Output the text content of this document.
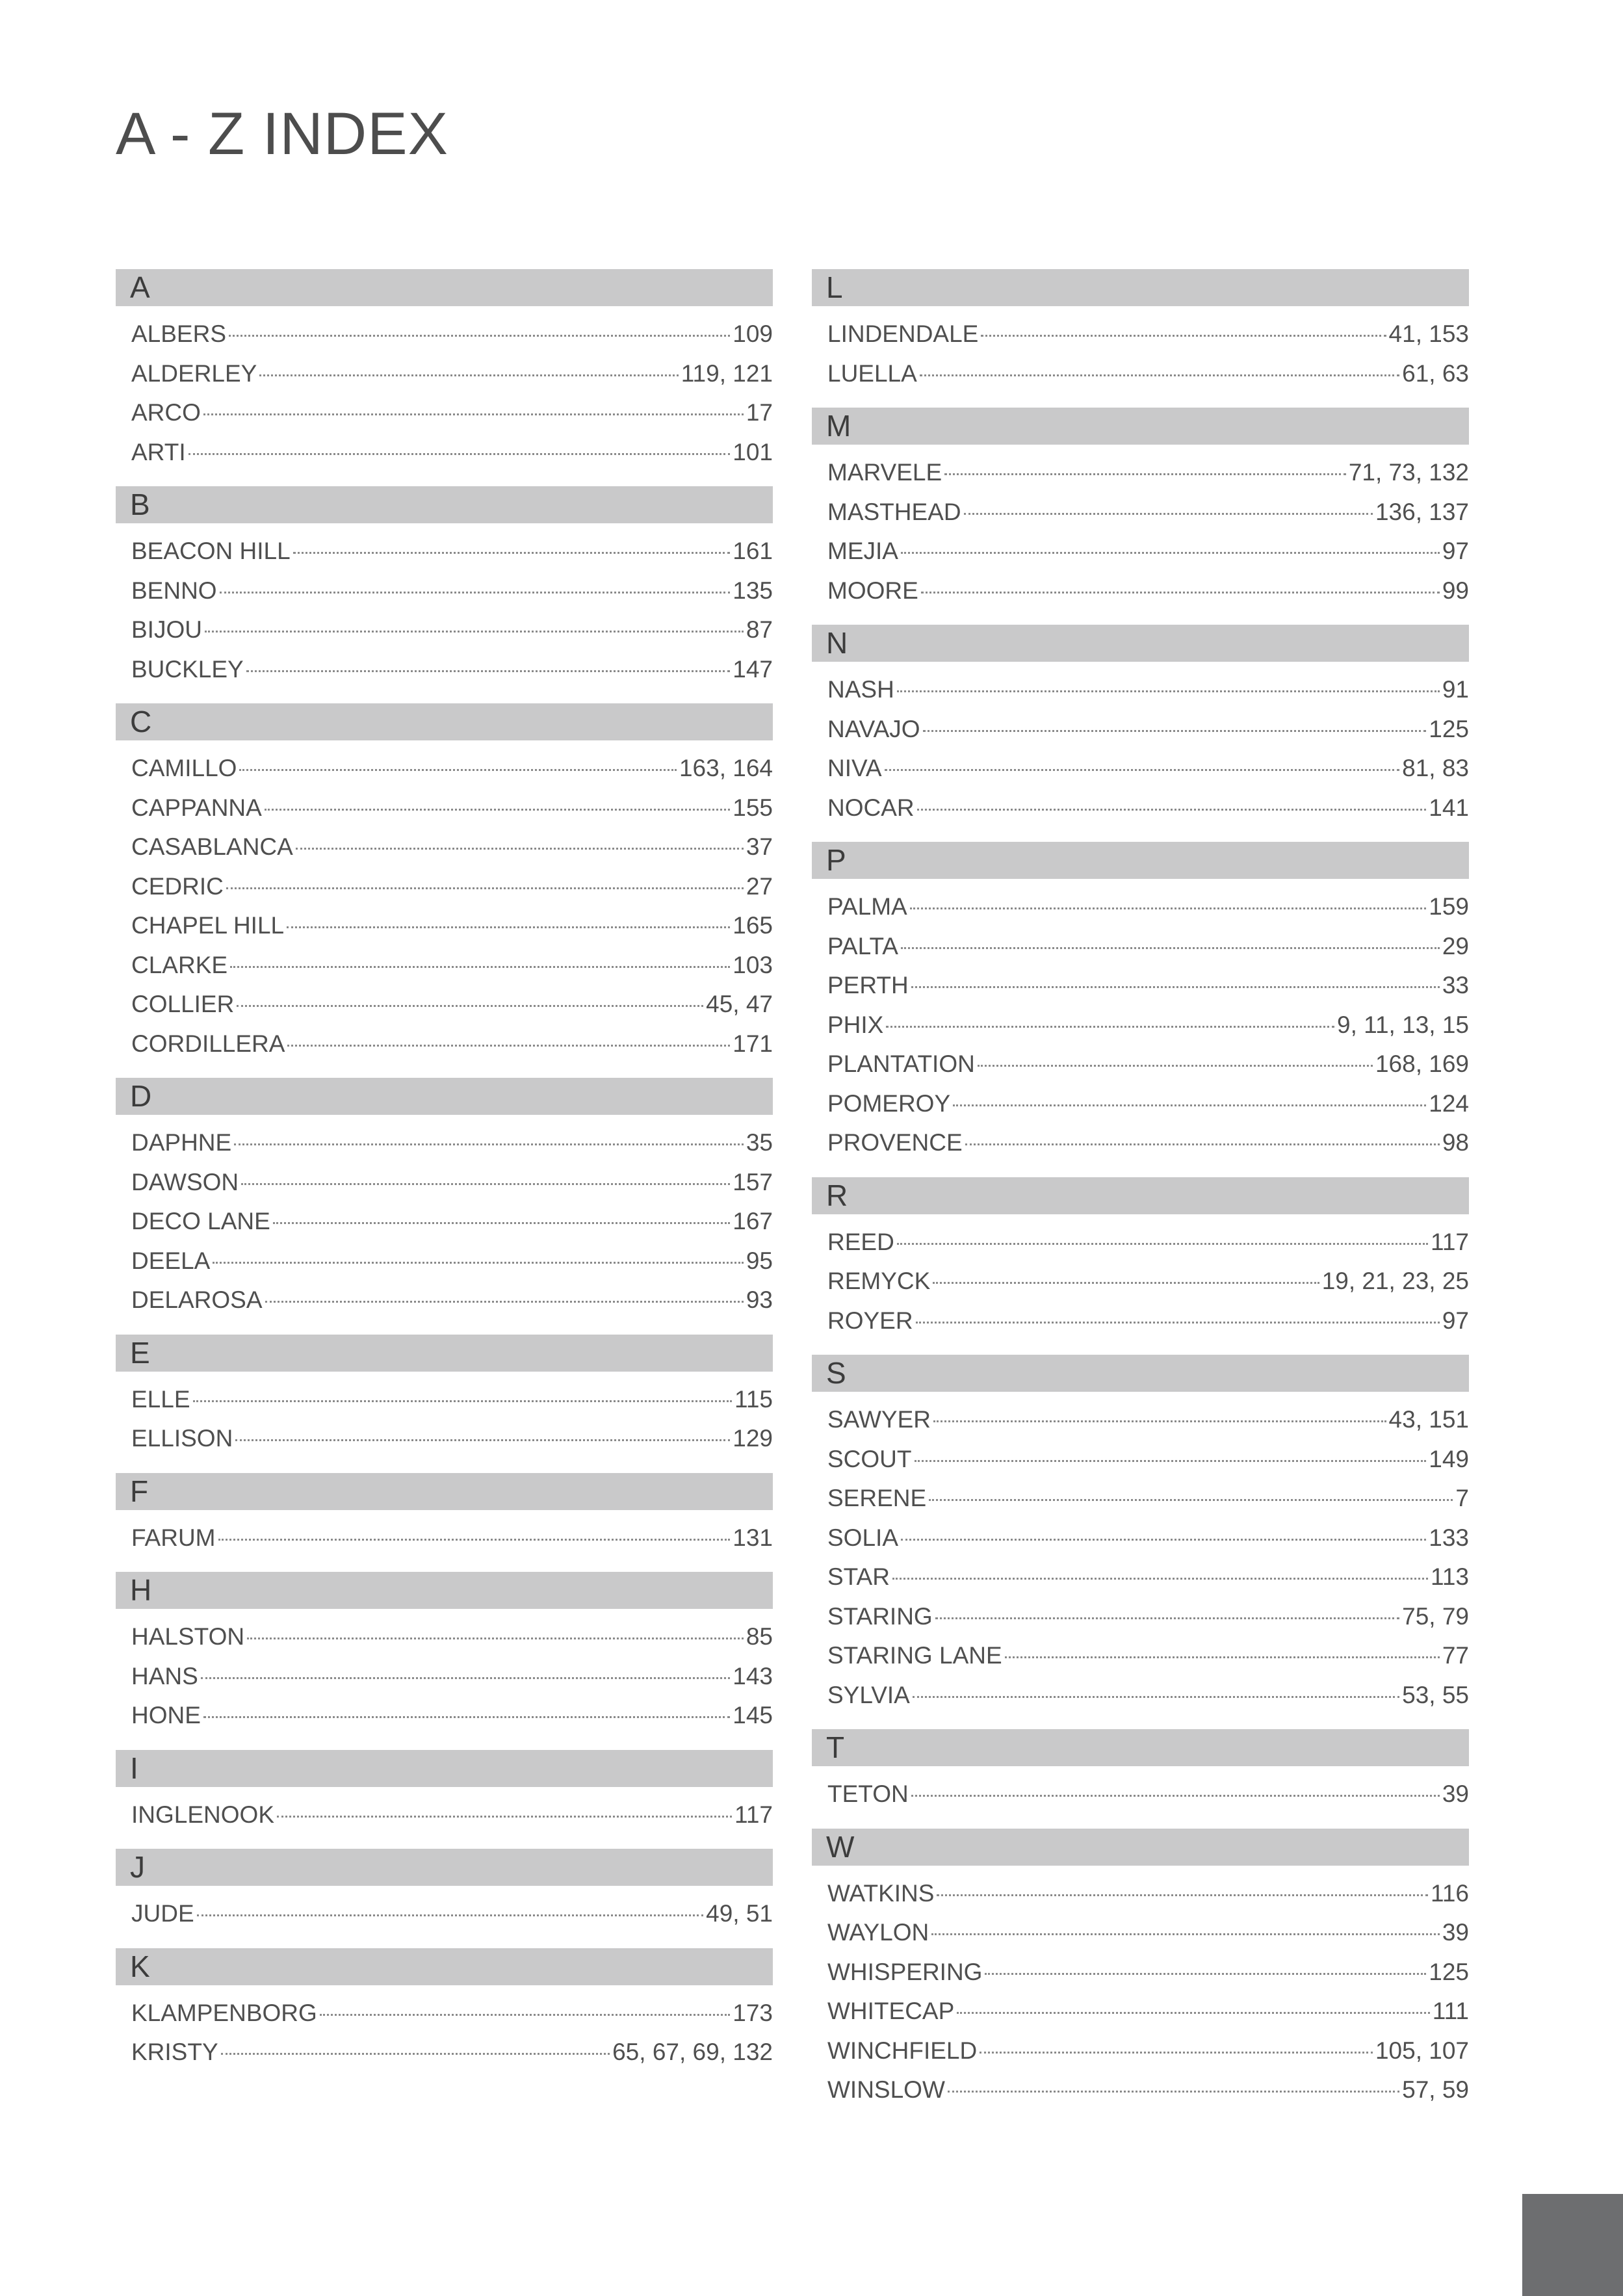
A - Z INDEX
A
ALBERS	109
ALDERLEY	119, 121
ARCO	17
ARTI	101
B
BEACON HILL	161
BENNO	135
BIJOU	87
BUCKLEY	147
C
CAMILLO	163, 164
CAPPANNA	155
CASABLANCA	37
CEDRIC	27
CHAPEL HILL	165
CLARKE	103
COLLIER	45, 47
CORDILLERA	171
D
DAPHNE	35
DAWSON	157
DECO LANE	167
DEELA	95
DELAROSA	93
E
ELLE	115
ELLISON	129
F
FARUM	131
H
HALSTON	85
HANS	143
HONE	145
I
INGLENOOK	117
J
JUDE	49, 51
K
KLAMPENBORG	173
KRISTY	65, 67, 69, 132
L
LINDENDALE	41, 153
LUELLA	61, 63
M
MARVELE	71, 73, 132
MASTHEAD	136, 137
MEJIA	97
MOORE	99
N
NASH	91
NAVAJO	125
NIVA	81, 83
NOCAR	141
P
PALMA	159
PALTA	29
PERTH	33
PHIX	9, 11, 13, 15
PLANTATION	168, 169
POMEROY	124
PROVENCE	98
R
REED	117
REMYCK	19, 21, 23, 25
ROYER	97
S
SAWYER	43, 151
SCOUT	149
SERENE	7
SOLIA	133
STAR	113
STARING	75, 79
STARING LANE	77
SYLVIA	53, 55
T
TETON	39
W
WATKINS	116
WAYLON	39
WHISPERING	125
WHITECAP	111
WINCHFIELD	105, 107
WINSLOW	57, 59
